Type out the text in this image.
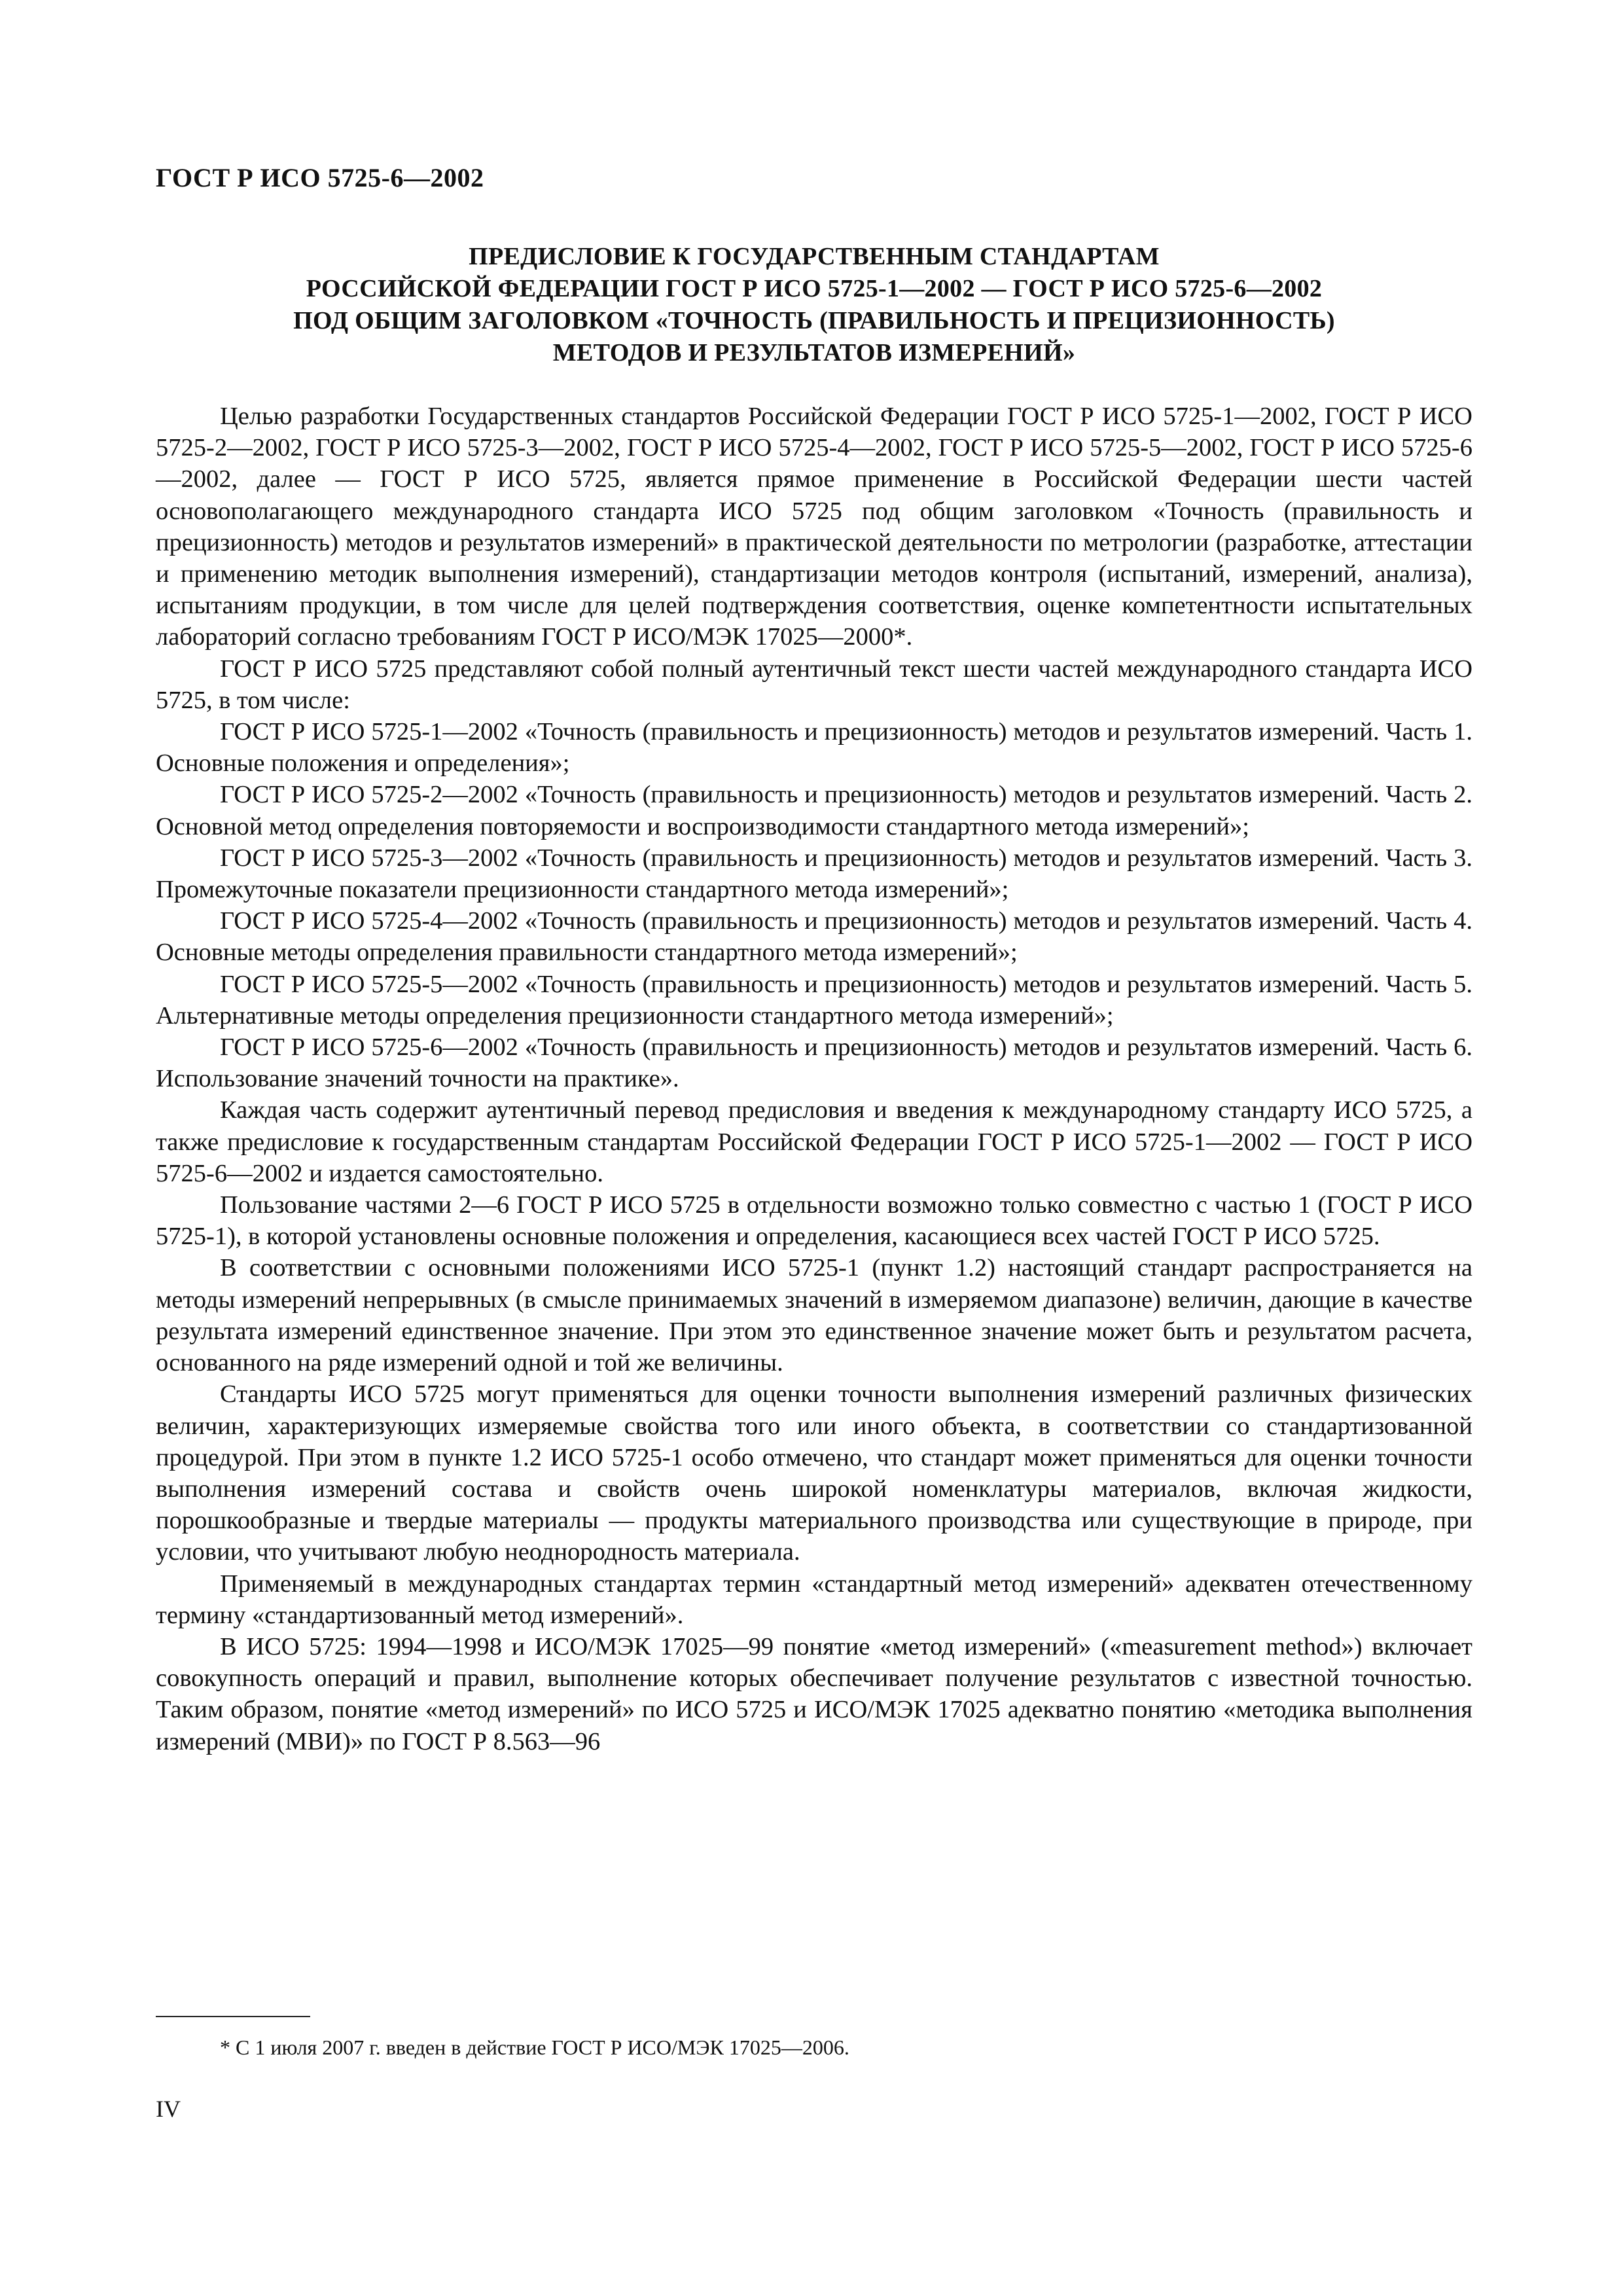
ГОСТ Р ИСО 5725-6—2002
ПРЕДИСЛОВИЕ К ГОСУДАРСТВЕННЫМ СТАНДАРТАМ
РОССИЙСКОЙ ФЕДЕРАЦИИ ГОСТ Р ИСО 5725-1—2002 — ГОСТ Р ИСО 5725-6—2002
ПОД ОБЩИМ ЗАГОЛОВКОМ «ТОЧНОСТЬ (ПРАВИЛЬНОСТЬ И ПРЕЦИЗИОННОСТЬ)
МЕТОДОВ И РЕЗУЛЬТАТОВ ИЗМЕРЕНИЙ»

Целью разработки Государственных стандартов Российской Федерации ГОСТ Р ИСО 5725-1—2002, ГОСТ Р ИСО 5725-2—2002, ГОСТ Р ИСО 5725-3—2002, ГОСТ Р ИСО 5725-4—2002, ГОСТ Р ИСО 5725-5—2002, ГОСТ Р ИСО 5725-6—2002, далее — ГОСТ Р ИСО 5725, является прямое применение в Российской Федерации шести частей основополагающего международного стандарта ИСО 5725 под общим заголовком «Точность (правильность и прецизионность) методов и результатов измерений» в практической деятельности по метрологии (разработке, аттестации и применению методик выполнения измерений), стандартизации методов контроля (испытаний, измерений, анализа), испытаниям продукции, в том числе для целей подтверждения соответствия, оценке компетентности испытательных лабораторий согласно требованиям ГОСТ Р ИСО/МЭК 17025—2000*.

ГОСТ Р ИСО 5725 представляют собой полный аутентичный текст шести частей международного стандарта ИСО 5725, в том числе:

ГОСТ Р ИСО 5725-1—2002 «Точность (правильность и прецизионность) методов и результатов измерений. Часть 1. Основные положения и определения»;

ГОСТ Р ИСО 5725-2—2002 «Точность (правильность и прецизионность) методов и результатов измерений. Часть 2. Основной метод определения повторяемости и воспроизводимости стандартного метода измерений»;

ГОСТ Р ИСО 5725-3—2002 «Точность (правильность и прецизионность) методов и результатов измерений. Часть 3. Промежуточные показатели прецизионности стандартного метода измерений»;

ГОСТ Р ИСО 5725-4—2002 «Точность (правильность и прецизионность) методов и результатов измерений. Часть 4. Основные методы определения правильности стандартного метода измерений»;

ГОСТ Р ИСО 5725-5—2002 «Точность (правильность и прецизионность) методов и результатов измерений. Часть 5. Альтернативные методы определения прецизионности стандартного метода измерений»;

ГОСТ Р ИСО 5725-6—2002 «Точность (правильность и прецизионность) методов и результатов измерений. Часть 6. Использование значений точности на практике».

Каждая часть содержит аутентичный перевод предисловия и введения к международному стандарту ИСО 5725, а также предисловие к государственным стандартам Российской Федерации ГОСТ Р ИСО 5725-1—2002 — ГОСТ Р ИСО 5725-6—2002 и издается самостоятельно.

Пользование частями 2—6 ГОСТ Р ИСО 5725 в отдельности возможно только совместно с частью 1 (ГОСТ Р ИСО 5725-1), в которой установлены основные положения и определения, касающиеся всех частей ГОСТ Р ИСО 5725.

В соответствии с основными положениями ИСО 5725-1 (пункт 1.2) настоящий стандарт распространяется на методы измерений непрерывных (в смысле принимаемых значений в измеряемом диапазоне) величин, дающие в качестве результата измерений единственное значение. При этом это единственное значение может быть и результатом расчета, основанного на ряде измерений одной и той же величины.

Стандарты ИСО 5725 могут применяться для оценки точности выполнения измерений различных физических величин, характеризующих измеряемые свойства того или иного объекта, в соответствии со стандартизованной процедурой. При этом в пункте 1.2 ИСО 5725-1 особо отмечено, что стандарт может применяться для оценки точности выполнения измерений состава и свойств очень широкой номенклатуры материалов, включая жидкости, порошкообразные и твердые материалы — продукты материального производства или существующие в природе, при условии, что учитывают любую неоднородность материала.

Применяемый в международных стандартах термин «стандартный метод измерений» адекватен отечественному термину «стандартизованный метод измерений».

В ИСО 5725: 1994—1998 и ИСО/МЭК 17025—99 понятие «метод измерений» («measurement method») включает совокупность операций и правил, выполнение которых обеспечивает получение результатов с известной точностью. Таким образом, понятие «метод измерений» по ИСО 5725 и ИСО/МЭК 17025 адекватно понятию «методика выполнения измерений (МВИ)» по ГОСТ Р 8.563—96

* С 1 июля 2007 г. введен в действие ГОСТ Р ИСО/МЭК 17025—2006.
IV
